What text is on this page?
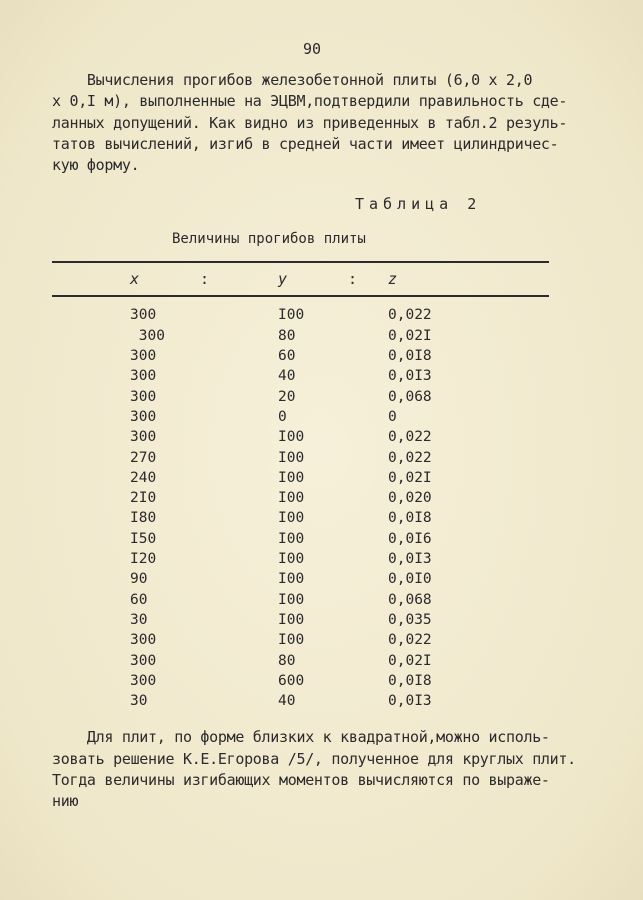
90
Вычисления прогибов железобетонной плиты (6,0 х 2,0
х 0,I м), выполненные на ЭЦВМ,подтвердили правильность сде-
ланных допущений. Как видно из приведенных в табл.2 резуль-
татов вычислений, изгиб в средней части имеет цилиндричес-
кую форму.
Таблица 2
Величины прогибов плиты
	x	:	y	:	z
	300		I00		0,022
	300		80		0,02I
	300		60		0,0I8
	300		40		0,0I3
	300		20		0,068
	300		0		0
	300		I00		0,022
	270		I00		0,022
	240		I00		0,02I
	2I0		I00		0,020
	I80		I00		0,0I8
	I50		I00		0,0I6
	I20		I00		0,0I3
	90		I00		0,0I0
	60		I00		0,068
	30		I00		0,035
	300		I00		0,022
	300		80		0,02I
	300		600		0,0I8
	30		40		0,0I3
Для плит, по форме близких к квадратной,можно исполь-
зовать решение К.Е.Егорова /5/, полученное для круглых плит.
Тогда величины изгибающих моментов вычисляются по выраже-
нию
